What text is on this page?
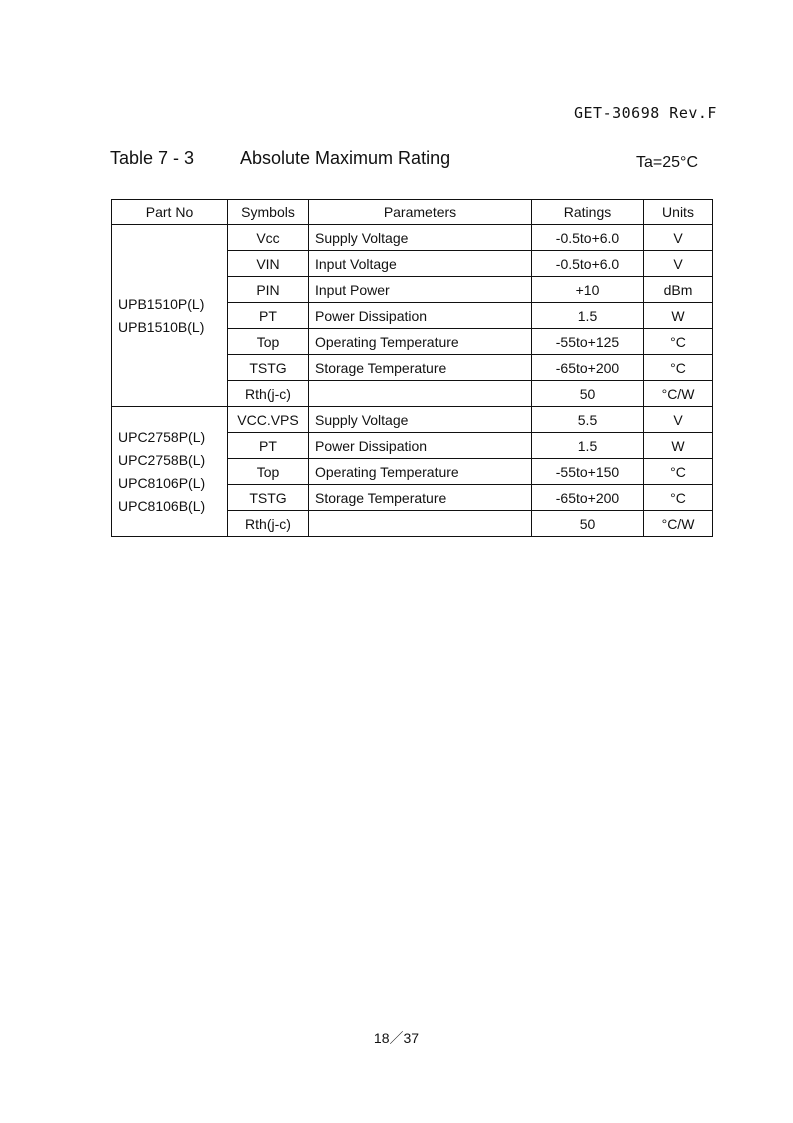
GET-30698 Rev.F
Table 7 - 3	Absolute Maximum Rating	Ta=25°C
Part No	Symbols	Parameters	Ratings	Units

UPB1510P(L)
UPB1510B(L)	Vcc	Supply Voltage	-0.5to+6.0	V
	VIN	Input Voltage	-0.5to+6.0	V
	PIN	Input Power	+10	dBm
	PT	Power Dissipation	1.5	W
	Top	Operating Temperature	-55to+125	°C
	TSTG	Storage Temperature	-65to+200	°C
	Rth(j-c)		50	°C/W

UPC2758P(L)
UPC2758B(L)
UPC8106P(L)
UPC8106B(L)	VCC.VPS	Supply Voltage	5.5	V
	PT	Power Dissipation	1.5	W
	Top	Operating Temperature	-55to+150	°C
	TSTG	Storage Temperature	-65to+200	°C
	Rth(j-c)		50	°C/W
18／37
